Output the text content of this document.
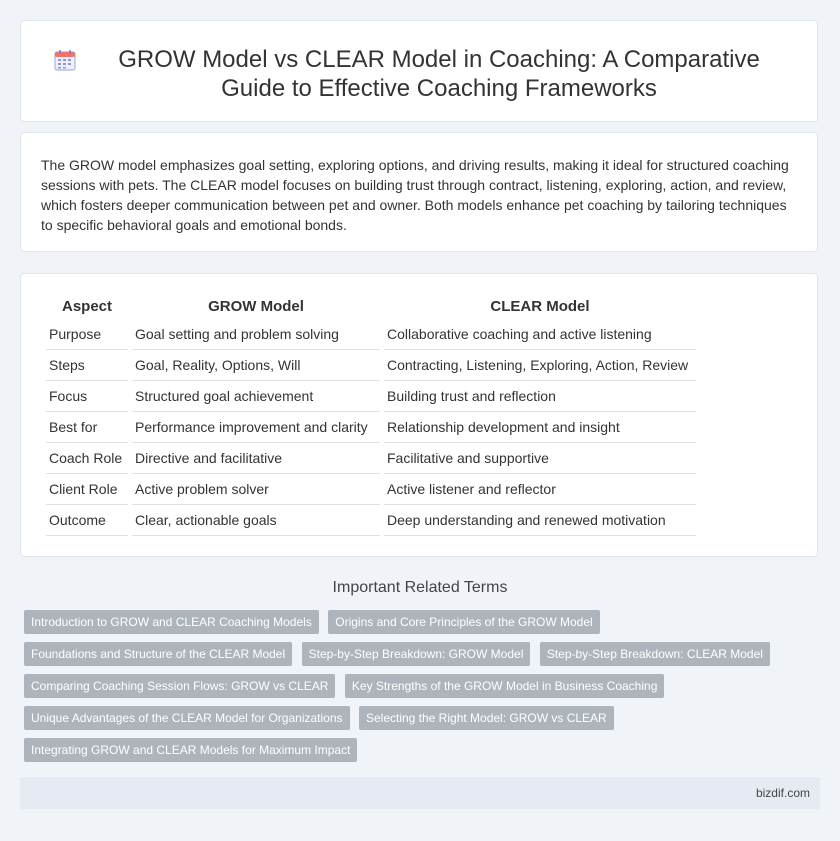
GROW Model vs CLEAR Model in Coaching: A Comparative Guide to Effective Coaching Frameworks

The GROW model emphasizes goal setting, exploring options, and driving results, making it ideal for structured coaching sessions with pets. The CLEAR model focuses on building trust through contract, listening, exploring, action, and review, which fosters deeper communication between pet and owner. Both models enhance pet coaching by tailoring techniques to specific behavioral goals and emotional bonds.

Aspect	GROW Model	CLEAR Model
Purpose	Goal setting and problem solving	Collaborative coaching and active listening
Steps	Goal, Reality, Options, Will	Contracting, Listening, Exploring, Action, Review
Focus	Structured goal achievement	Building trust and reflection
Best for	Performance improvement and clarity	Relationship development and insight
Coach Role	Directive and facilitative	Facilitative and supportive
Client Role	Active problem solver	Active listener and reflector
Outcome	Clear, actionable goals	Deep understanding and renewed motivation
Important Related Terms
Introduction to GROW and CLEAR Coaching Models Origins and Core Principles of the GROW Model
Foundations and Structure of the CLEAR Model Step-by-Step Breakdown: GROW Model Step-by-Step Breakdown: CLEAR Model
Comparing Coaching Session Flows: GROW vs CLEAR Key Strengths of the GROW Model in Business Coaching
Unique Advantages of the CLEAR Model for Organizations Selecting the Right Model: GROW vs CLEAR
Integrating GROW and CLEAR Models for Maximum Impact
bizdif.com
